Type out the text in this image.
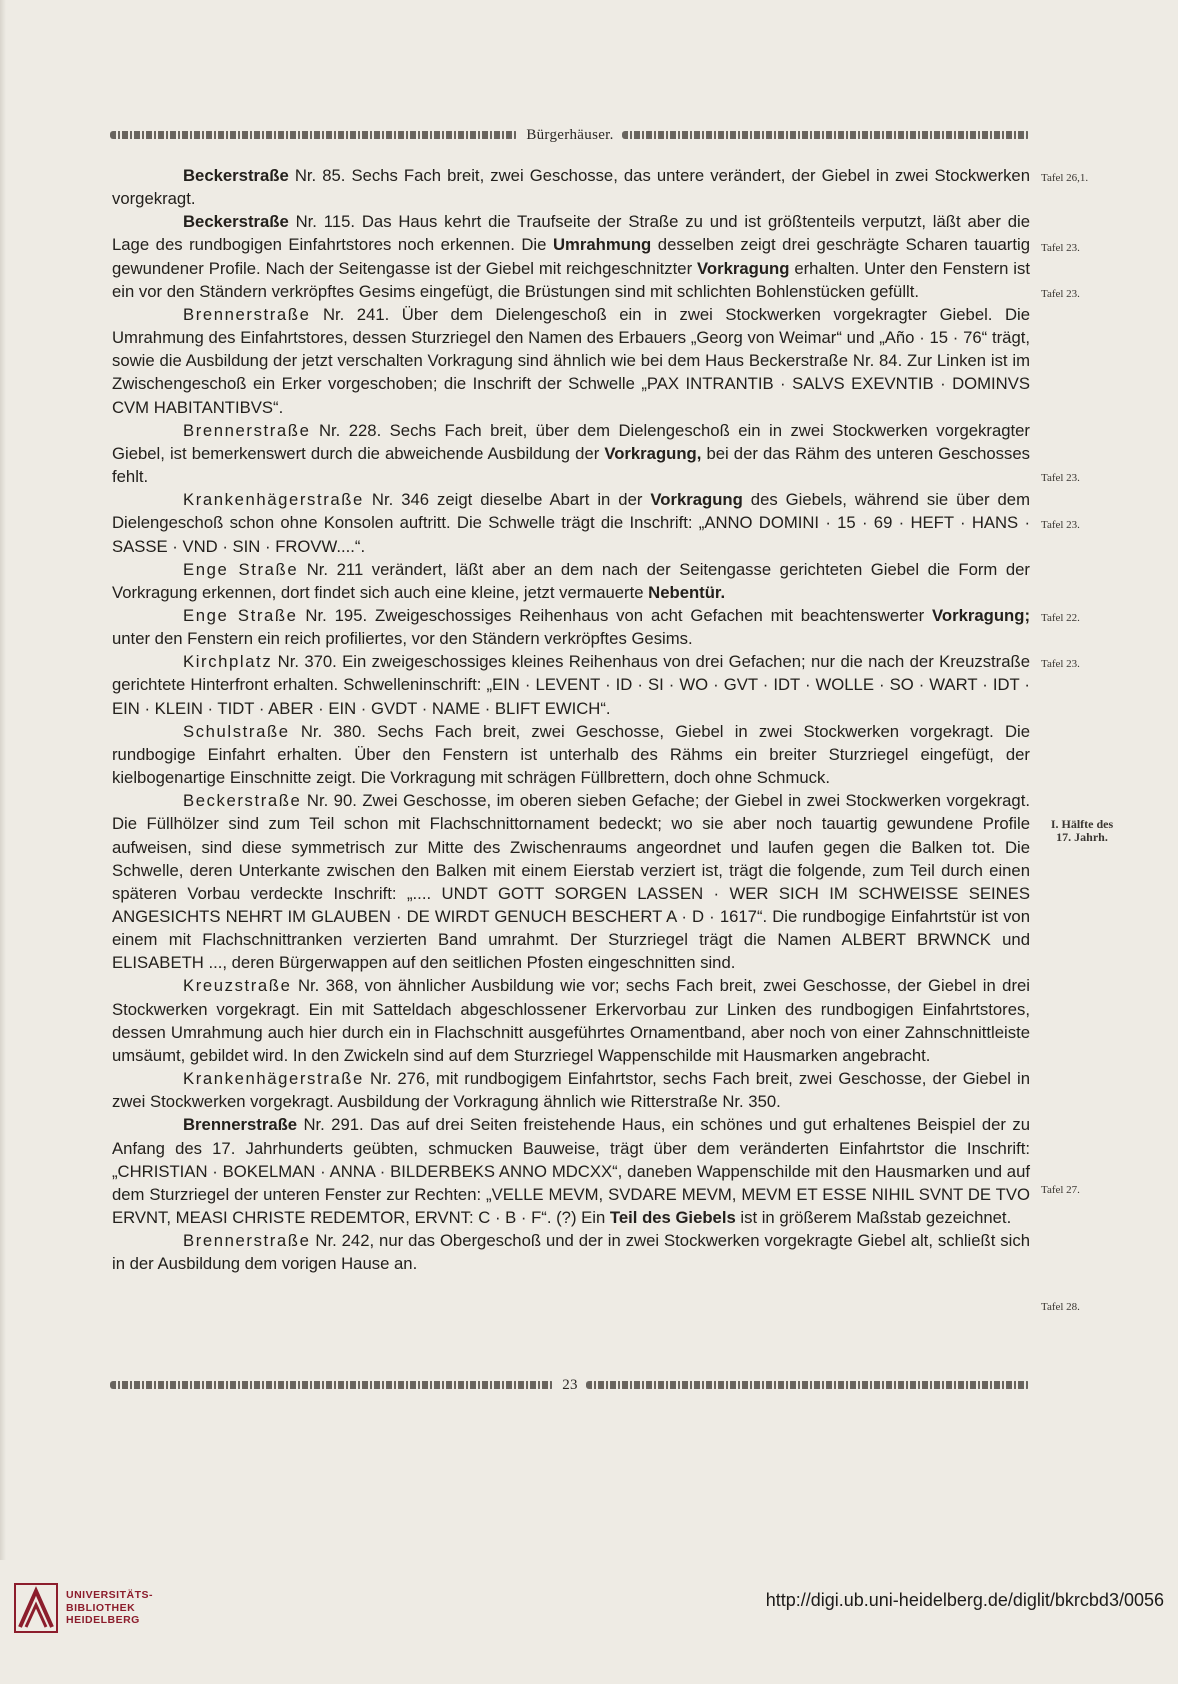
Bürgerhäuser.

Beckerstraße Nr. 85. Sechs Fach breit, zwei Geschosse, das untere verändert, der Giebel in zwei Stockwerken vorgekragt.

Beckerstraße Nr. 115. Das Haus kehrt die Traufseite der Straße zu und ist größtenteils verputzt, läßt aber die Lage des rundbogigen Einfahrtstores noch erkennen. Die Umrahmung desselben zeigt drei geschrägte Scharen tauartig gewundener Profile. Nach der Seitengasse ist der Giebel mit reichgeschnitzter Vorkragung erhalten. Unter den Fenstern ist ein vor den Ständern verkröpftes Gesims eingefügt, die Brüstungen sind mit schlichten Bohlenstücken gefüllt.

Brennerstraße Nr. 241. Über dem Dielengeschoß ein in zwei Stockwerken vorgekragter Giebel. Die Umrahmung des Einfahrtstores, dessen Sturzriegel den Namen des Erbauers „Georg von Weimar“ und „Año · 15 · 76“ trägt, sowie die Ausbildung der jetzt verschalten Vorkragung sind ähnlich wie bei dem Haus Beckerstraße Nr. 84. Zur Linken ist im Zwischengeschoß ein Erker vorgeschoben; die Inschrift der Schwelle „PAX INTRANTIB · SALVS EXEVNTIB · DOMINVS CVM HABITANTIBVS“.

Brennerstraße Nr. 228. Sechs Fach breit, über dem Dielengeschoß ein in zwei Stockwerken vorgekragter Giebel, ist bemerkenswert durch die abweichende Ausbildung der Vorkragung, bei der das Rähm des unteren Geschosses fehlt.

Krankenhägerstraße Nr. 346 zeigt dieselbe Abart in der Vorkragung des Giebels, während sie über dem Dielengeschoß schon ohne Konsolen auftritt. Die Schwelle trägt die Inschrift: „ANNO DOMINI · 15 · 69 · HEFT · HANS · SASSE · VND · SIN · FROVW....“.

Enge Straße Nr. 211 verändert, läßt aber an dem nach der Seitengasse gerichteten Giebel die Form der Vorkragung erkennen, dort findet sich auch eine kleine, jetzt vermauerte Nebentür.

Enge Straße Nr. 195. Zweigeschossiges Reihenhaus von acht Gefachen mit beachtenswerter Vorkragung; unter den Fenstern ein reich profiliertes, vor den Ständern verkröpftes Gesims.

Kirchplatz Nr. 370. Ein zweigeschossiges kleines Reihenhaus von drei Gefachen; nur die nach der Kreuzstraße gerichtete Hinterfront erhalten. Schwelleninschrift: „EIN · LEVENT · ID · SI · WO · GVT · IDT · WOLLE · SO · WART · IDT · EIN · KLEIN · TIDT · ABER · EIN · GVDT · NAME · BLIFT EWICH“.

Schulstraße Nr. 380. Sechs Fach breit, zwei Geschosse, Giebel in zwei Stockwerken vorgekragt. Die rundbogige Einfahrt erhalten. Über den Fenstern ist unterhalb des Rähms ein breiter Sturzriegel eingefügt, der kielbogenartige Einschnitte zeigt. Die Vorkragung mit schrägen Füllbrettern, doch ohne Schmuck.

Beckerstraße Nr. 90. Zwei Geschosse, im oberen sieben Gefache; der Giebel in zwei Stockwerken vorgekragt. Die Füllhölzer sind zum Teil schon mit Flachschnittornament bedeckt; wo sie aber noch tauartig gewundene Profile aufweisen, sind diese symmetrisch zur Mitte des Zwischenraums angeordnet und laufen gegen die Balken tot. Die Schwelle, deren Unterkante zwischen den Balken mit einem Eierstab verziert ist, trägt die folgende, zum Teil durch einen späteren Vorbau verdeckte Inschrift: „.... UNDT GOTT SORGEN LASSEN · WER SICH IM SCHWEISSE SEINES ANGESICHTS NEHRT IM GLAUBEN · DE WIRDT GENUCH BESCHERT A · D · 1617“. Die rundbogige Einfahrtstür ist von einem mit Flachschnittranken verzierten Band umrahmt. Der Sturzriegel trägt die Namen ALBERT BRWNCK und ELISABETH ..., deren Bürgerwappen auf den seitlichen Pfosten eingeschnitten sind.

Kreuzstraße Nr. 368, von ähnlicher Ausbildung wie vor; sechs Fach breit, zwei Geschosse, der Giebel in drei Stockwerken vorgekragt. Ein mit Satteldach abgeschlossener Erkervorbau zur Linken des rundbogigen Einfahrtstores, dessen Umrahmung auch hier durch ein in Flachschnitt ausgeführtes Ornamentband, aber noch von einer Zahnschnittleiste umsäumt, gebildet wird. In den Zwickeln sind auf dem Sturzriegel Wappenschilde mit Hausmarken angebracht.

Krankenhägerstraße Nr. 276, mit rundbogigem Einfahrtstor, sechs Fach breit, zwei Geschosse, der Giebel in zwei Stockwerken vorgekragt. Ausbildung der Vorkragung ähnlich wie Ritterstraße Nr. 350.

Brennerstraße Nr. 291. Das auf drei Seiten freistehende Haus, ein schönes und gut erhaltenes Beispiel der zu Anfang des 17. Jahrhunderts geübten, schmucken Bauweise, trägt über dem veränderten Einfahrtstor die Inschrift: „CHRISTIAN · BOKELMAN · ANNA · BILDERBEKS ANNO MDCXX“, daneben Wappenschilde mit den Hausmarken und auf dem Sturzriegel der unteren Fenster zur Rechten: „VELLE MEVM, SVDARE MEVM, MEVM ET ESSE NIHIL SVNT DE TVO ERVNT, MEASI CHRISTE REDEMTOR, ERVNT: C · B · F“. (?) Ein Teil des Giebels ist in größerem Maßstab gezeichnet.

Brennerstraße Nr. 242, nur das Obergeschoß und der in zwei Stockwerken vorgekragte Giebel alt, schließt sich in der Ausbildung dem vorigen Hause an.

Tafel 26,1.
Tafel 23.
Tafel 23.
Tafel 23.
Tafel 23.
Tafel 22.
Tafel 23.
I. Hälfte des 17. Jahrh.
Tafel 27.
Tafel 28.
23
UNIVERSITÄTS-
BIBLIOTHEK
HEIDELBERG
http://digi.ub.uni-heidelberg.de/diglit/bkrcbd3/0056
